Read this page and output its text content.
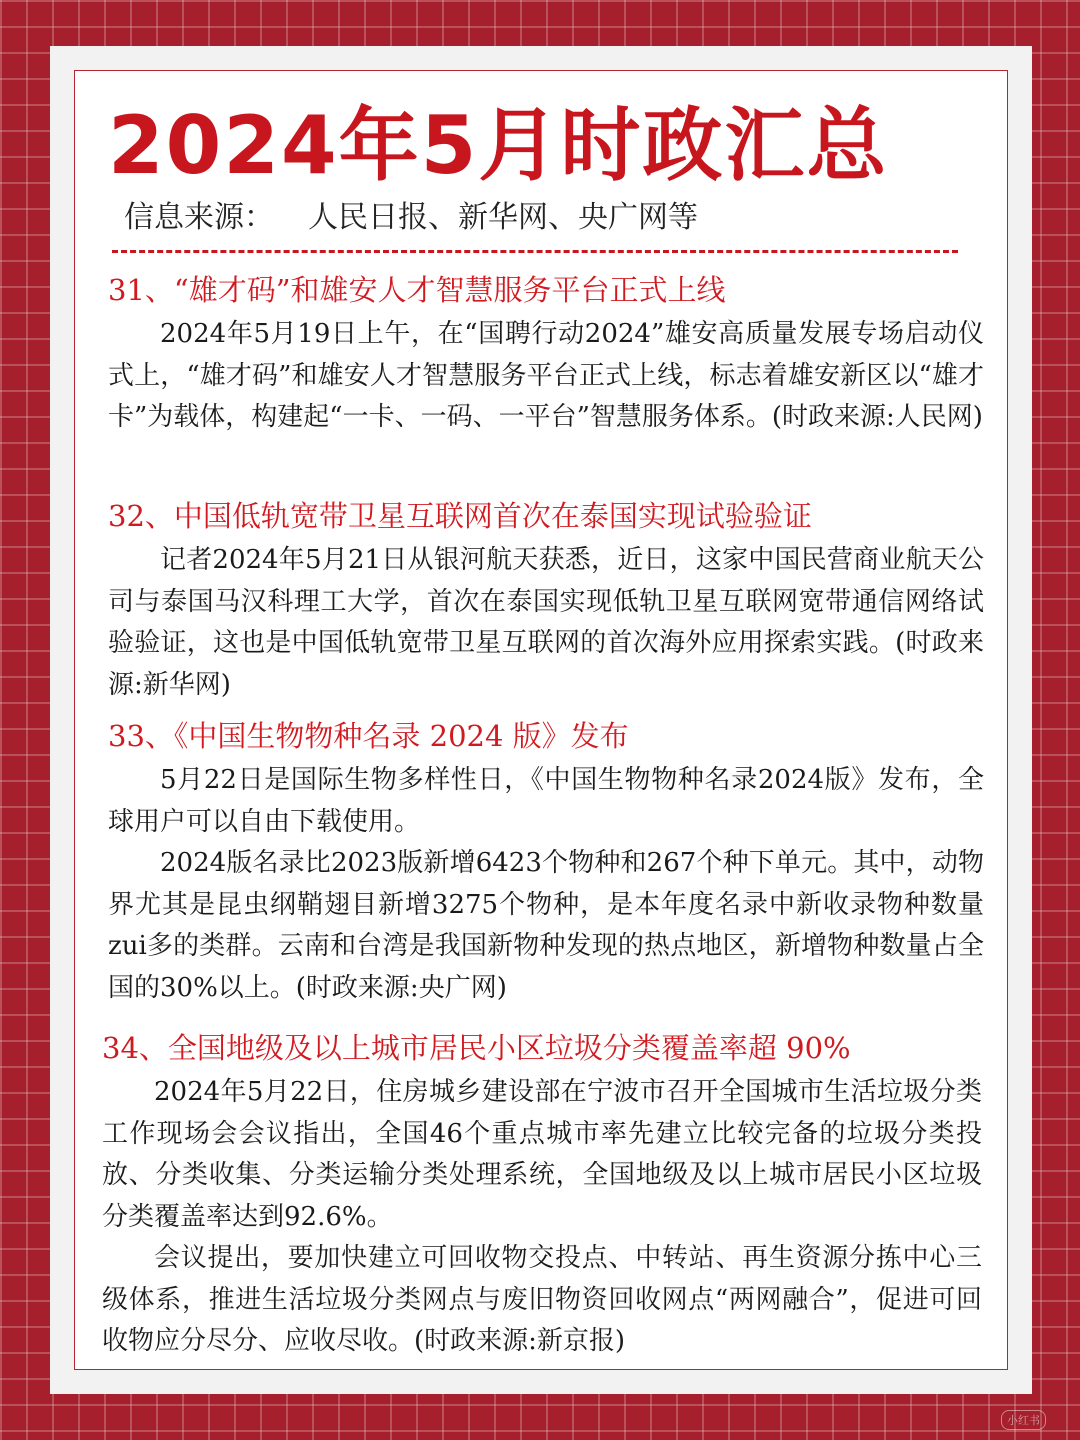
2024年5月时政汇总
信息来源： 人民日报、新华网、央广网等
31、“雄才码”和雄安人才智慧服务平台正式上线

2024年5月19日上午，在“国聘行动2024”雄安高质量发展专场启动仪式上，“雄才码”和雄安人才智慧服务平台正式上线，标志着雄安新区以“雄才卡”为载体，构建起“一卡、一码、一平台”智慧服务体系。(时政来源:人民网)

32、中国低轨宽带卫星互联网首次在泰国实现试验验证

记者2024年5月21日从银河航天获悉，近日，这家中国民营商业航天公司与泰国马汉科理工大学，首次在泰国实现低轨卫星互联网宽带通信网络试验验证，这也是中国低轨宽带卫星互联网的首次海外应用探索实践。(时政来源:新华网)

33、《中国生物物种名录 2024 版》发布

5月22日是国际生物多样性日，《中国生物物种名录2024版》发布，全球用户可以自由下载使用。

2024版名录比2023版新增6423个物种和267个种下单元。其中，动物界尤其是昆虫纲鞘翅目新增3275个物种，是本年度名录中新收录物种数量zui多的类群。云南和台湾是我国新物种发现的热点地区，新增物种数量占全国的30%以上。(时政来源:央广网)

34、全国地级及以上城市居民小区垃圾分类覆盖率超 90%

2024年5月22日，住房城乡建设部在宁波市召开全国城市生活垃圾分类工作现场会会议指出，全国46个重点城市率先建立比较完备的垃圾分类投放、分类收集、分类运输分类处理系统，全国地级及以上城市居民小区垃圾分类覆盖率达到92.6%。

会议提出，要加快建立可回收物交投点、中转站、再生资源分拣中心三级体系，推进生活垃圾分类网点与废旧物资回收网点“两网融合”，促进可回收物应分尽分、应收尽收。(时政来源:新京报)

小红书
